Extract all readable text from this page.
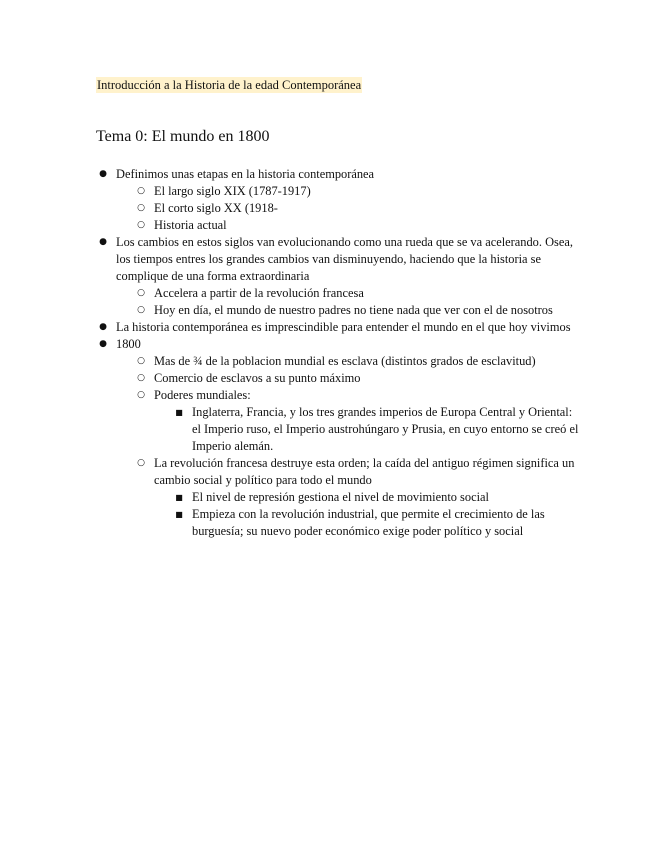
Introducción a la Historia de la edad Contemporánea
Tema 0: El mundo en 1800
● Definimos unas etapas en la historia contemporánea
○ El largo siglo XIX (1787-1917)
○ El corto siglo XX (1918-
○ Historia actual
● Los cambios en estos siglos van evolucionando como una rueda que se va acelerando. Osea, los tiempos entres los grandes cambios van disminuyendo, haciendo que la historia se complique de una forma extraordinaria
○ Accelera a partir de la revolución francesa
○ Hoy en día, el mundo de nuestro padres no tiene nada que ver con el de nosotros
● La historia contemporánea es imprescindible para entender el mundo en el que hoy vivimos
● 1800
○ Mas de ¾ de la poblacion mundial es esclava (distintos grados de esclavitud)
○ Comercio de esclavos a su punto máximo
○ Poderes mundiales:
■ Inglaterra, Francia, y los tres grandes imperios de Europa Central y Oriental: el Imperio ruso, el Imperio austrohúngaro y Prusia, en cuyo entorno se creó el Imperio alemán.
○ La revolución francesa destruye esta orden; la caída del antiguo régimen significa un cambio social y político para todo el mundo
■ El nivel de represión gestiona el nivel de movimiento social
■ Empieza con la revolución industrial, que permite el crecimiento de las burguesía; su nuevo poder económico exige poder político y social
